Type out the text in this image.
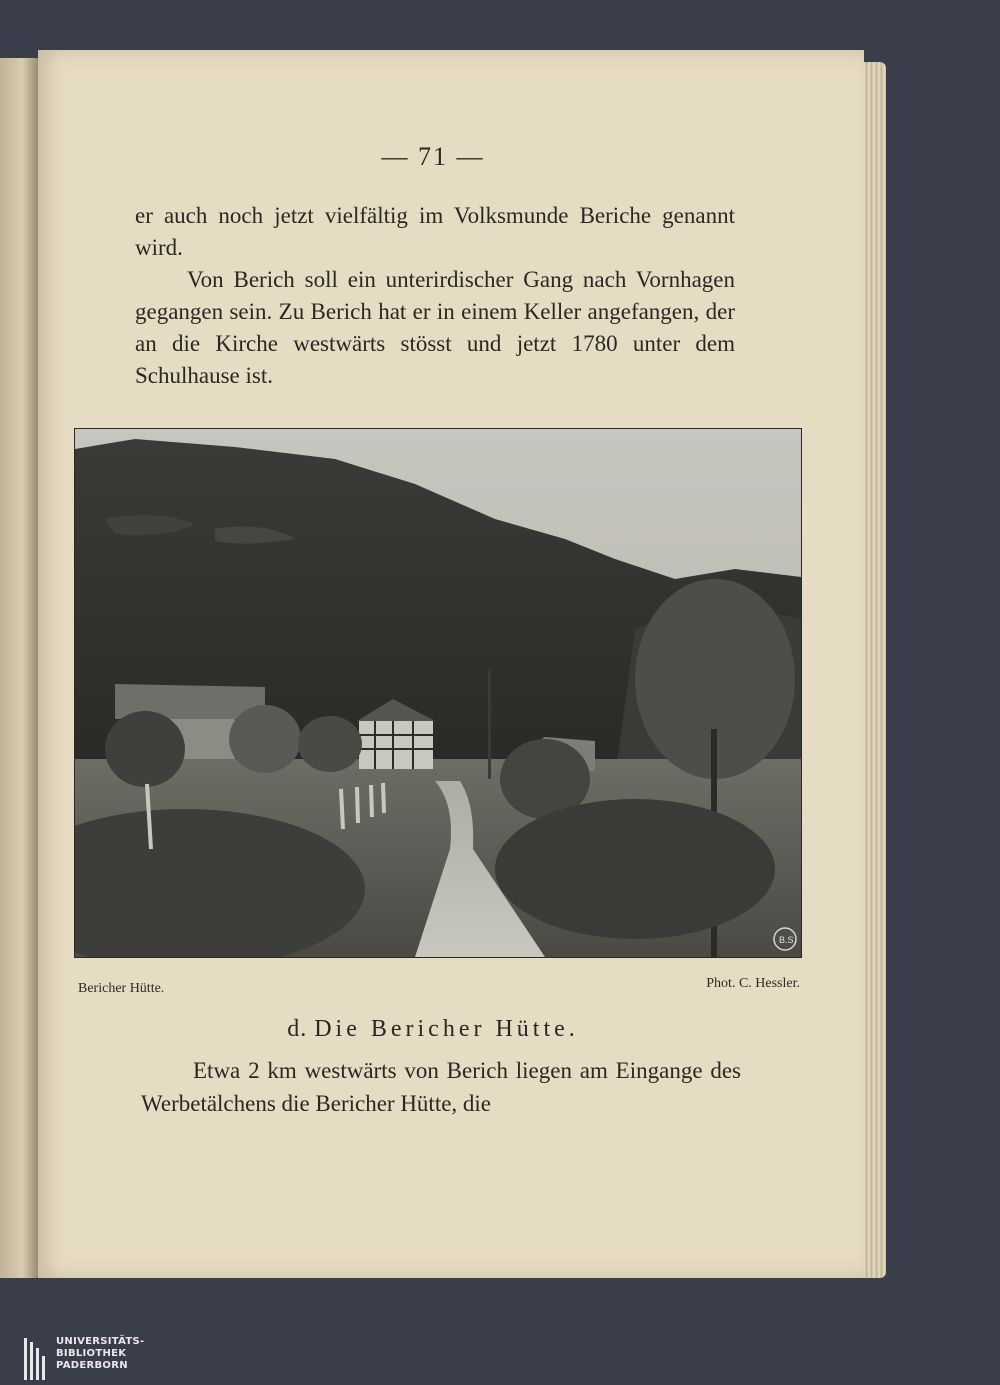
— 71 —

er auch noch jetzt vielfältig im Volksmunde Beriche genannt wird.

Von Berich soll ein unterirdischer Gang nach Vornhagen gegangen sein. Zu Berich hat er in einem Keller angefangen, der an die Kirche westwärts stösst und jetzt 1780 unter dem Schulhause ist.

B.S
Bericher Hütte.	Phot. C. Hessler.
d. Die Bericher Hütte.

Etwa 2 km westwärts von Berich liegen am Eingange des Werbetälchens die Bericher Hütte, die

UNIVERSITÄTS-
BIBLIOTHEK
PADERBORN
